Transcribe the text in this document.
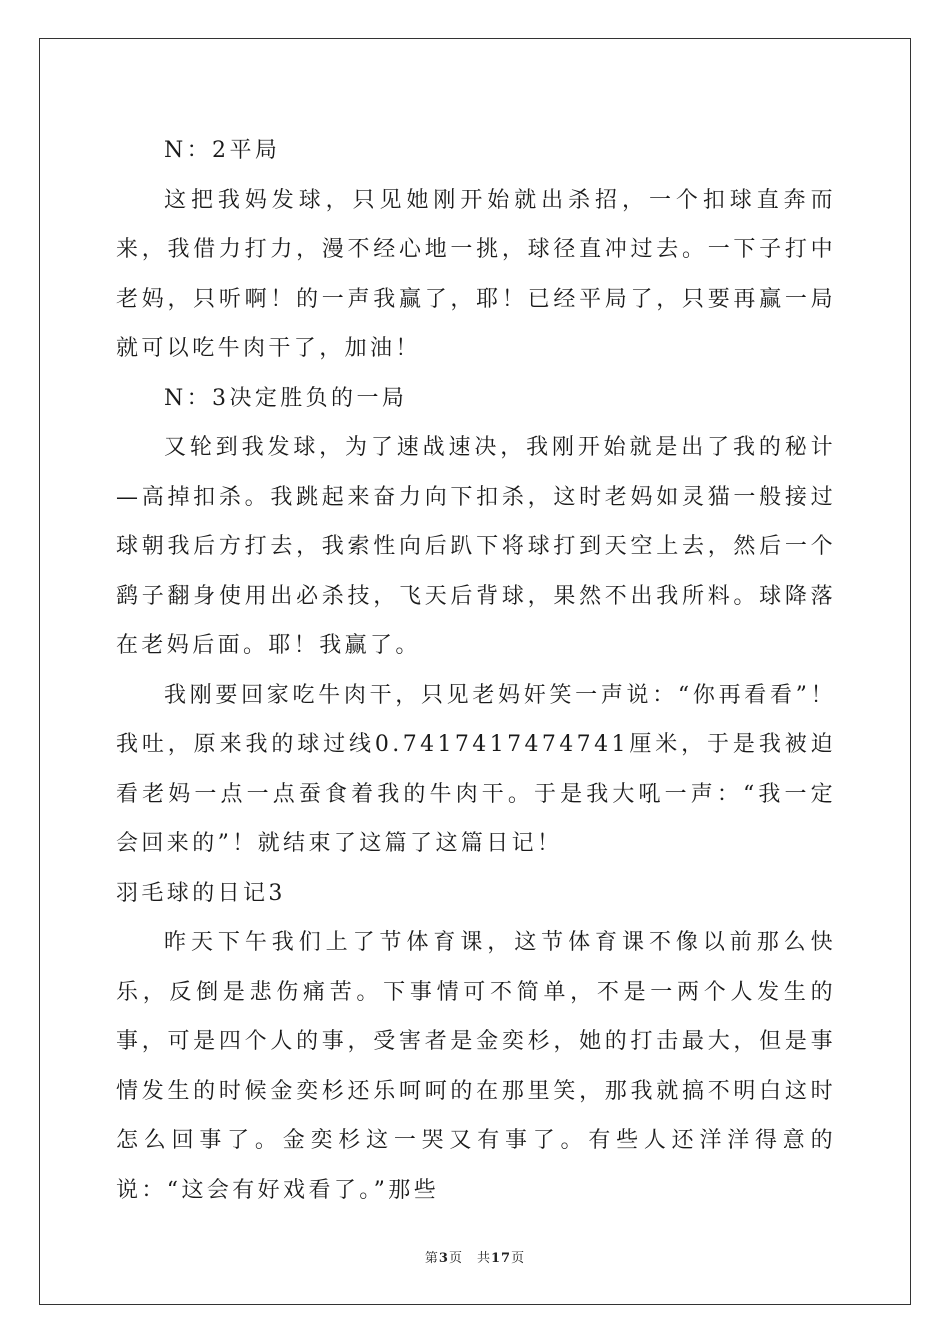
N：2平局

这把我妈发球，只见她刚开始就出杀招，一个扣球直奔而来，我借力打力，漫不经心地一挑，球径直冲过去。一下子打中老妈，只听啊！的一声我赢了，耶！已经平局了，只要再赢一局就可以吃牛肉干了，加油！

N：3决定胜负的一局

又轮到我发球，为了速战速决，我刚开始就是出了我的秘计—高掉扣杀。我跳起来奋力向下扣杀，这时老妈如灵猫一般接过球朝我后方打去，我索性向后趴下将球打到天空上去，然后一个鹞子翻身使用出必杀技，飞天后背球，果然不出我所料。球降落在老妈后面。耶！我赢了。

我刚要回家吃牛肉干，只见老妈奸笑一声说：“你再看看”！我吐，原来我的球过线0.7417417474741厘米，于是我被迫看老妈一点一点蚕食着我的牛肉干。于是我大吼一声：“我一定会回来的”！就结束了这篇了这篇日记！

羽毛球的日记3

昨天下午我们上了节体育课，这节体育课不像以前那么快乐，反倒是悲伤痛苦。下事情可不简单，不是一两个人发生的事，可是四个人的事，受害者是金奕杉，她的打击最大，但是事情发生的时候金奕杉还乐呵呵的在那里笑，那我就搞不明白这时怎么回事了。金奕杉这一哭又有事了。有些人还洋洋得意的说：“这会有好戏看了。”那些

第3页 共17页
